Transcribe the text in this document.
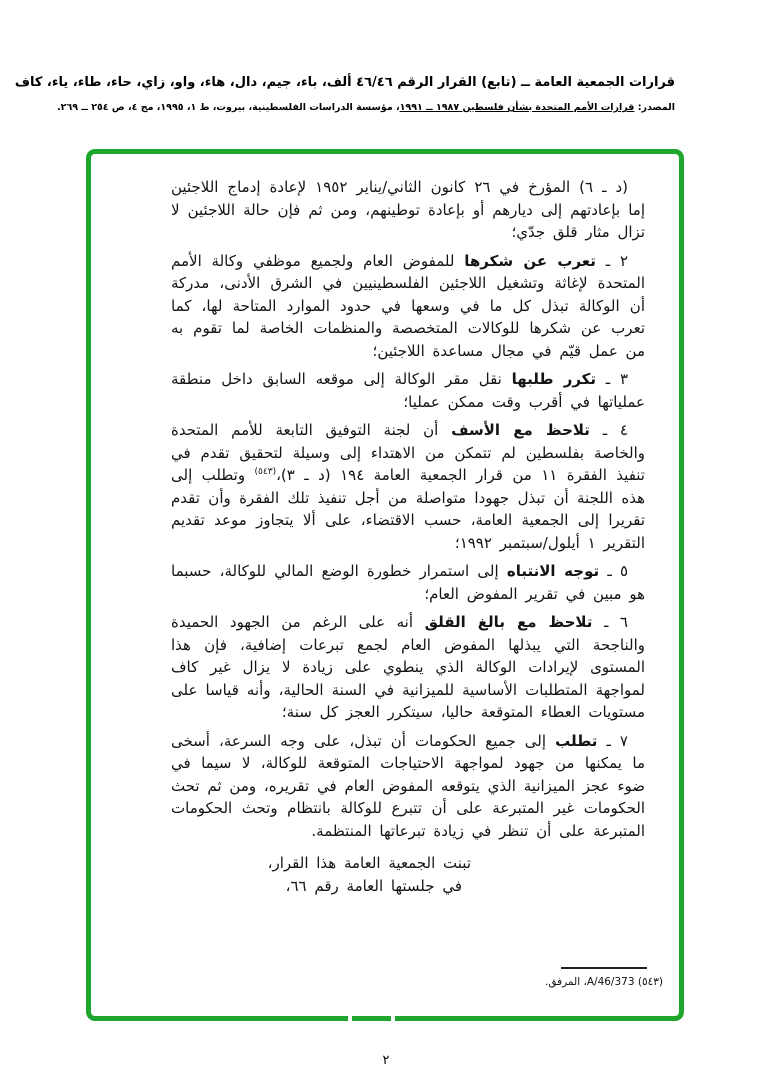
قرارات الجمعية العامة ــ (تابع) القرار الرقم ٤٦/٤٦ ألف، باء، جيم، دال، هاء، واو، زاي، حاء، طاء، ياء، كاف
المصدر: قرارات الأمم المتحدة بشأن فلسطين ١٩٨٧ ــ ١٩٩١، مؤسسة الدراسات الفلسطينية، بيروت، ط ١، ١٩٩٥، مج ٤، ص ٢٥٤ ــ ٢٦٩.

(د ـ ٦) المؤرخ في ٢٦ كانون الثاني/يناير ١٩٥٢ لإعادة إدماج اللاجئين إما بإعادتهم إلى ديارهم أو بإعادة توطينهم، ومن ثم فإن حالة اللاجئين لا تزال مثار قلق جدّي؛

٢ ـ تعرب عن شكرها للمفوض العام ولجميع موظفي وكالة الأمم المتحدة لإغاثة وتشغيل اللاجئين الفلسطينيين في الشرق الأدنى، مدركة أن الوكالة تبذل كل ما في وسعها في حدود الموارد المتاحة لها، كما تعرب عن شكرها للوكالات المتخصصة والمنظمات الخاصة لما تقوم به من عمل قيّم في مجال مساعدة اللاجئين؛

٣ ـ تكرر طلبها نقل مقر الوكالة إلى موقعه السابق داخل منطقة عملياتها في أقرب وقت ممكن عمليا؛

٤ ـ تلاحظ مع الأسف أن لجنة التوفيق التابعة للأمم المتحدة والخاصة بفلسطين لم تتمكن من الاهتداء إلى وسيلة لتحقيق تقدم في تنفيذ الفقرة ١١ من قرار الجمعية العامة ١٩٤ (د ـ ٣)،$^{(٥٤٣)}$ وتطلب إلى هذه اللجنة أن تبذل جهودا متواصلة من أجل تنفيذ تلك الفقرة وأن تقدم تقريرا إلى الجمعية العامة، حسب الاقتضاء، على ألا يتجاوز موعد تقديم التقرير ١ أيلول/سبتمبر ١٩٩٢؛

٥ ـ توجه الانتباه إلى استمرار خطورة الوضع المالي للوكالة، حسبما هو مبين في تقرير المفوض العام؛

٦ ـ تلاحظ مع بالغ القلق أنه على الرغم من الجهود الحميدة والناجحة التي يبذلها المفوض العام لجمع تبرعات إضافية، فإن هذا المستوى لإيرادات الوكالة الذي ينطوي على زيادة لا يزال غير كاف لمواجهة المتطلبات الأساسية للميزانية في السنة الحالية، وأنه قياسا على مستويات العطاء المتوقعة حاليا، سيتكرر العجز كل سنة؛

٧ ـ تطلب إلى جميع الحكومات أن تبذل، على وجه السرعة، أسخى ما يمكنها من جهود لمواجهة الاحتياجات المتوقعة للوكالة، لا سيما في ضوء عجز الميزانية الذي يتوقعه المفوض العام في تقريره، ومن ثم تحث الحكومات غير المتبرعة على أن تتبرع للوكالة بانتظام وتحث الحكومات المتبرعة على أن تنظر في زيادة تبرعاتها المنتظمة.

تبنت الجمعية العامة هذا القرار،
في جلستها العامة رقم ٦٦،
(٥٤٣) A/46/373، المرفق.
٢
